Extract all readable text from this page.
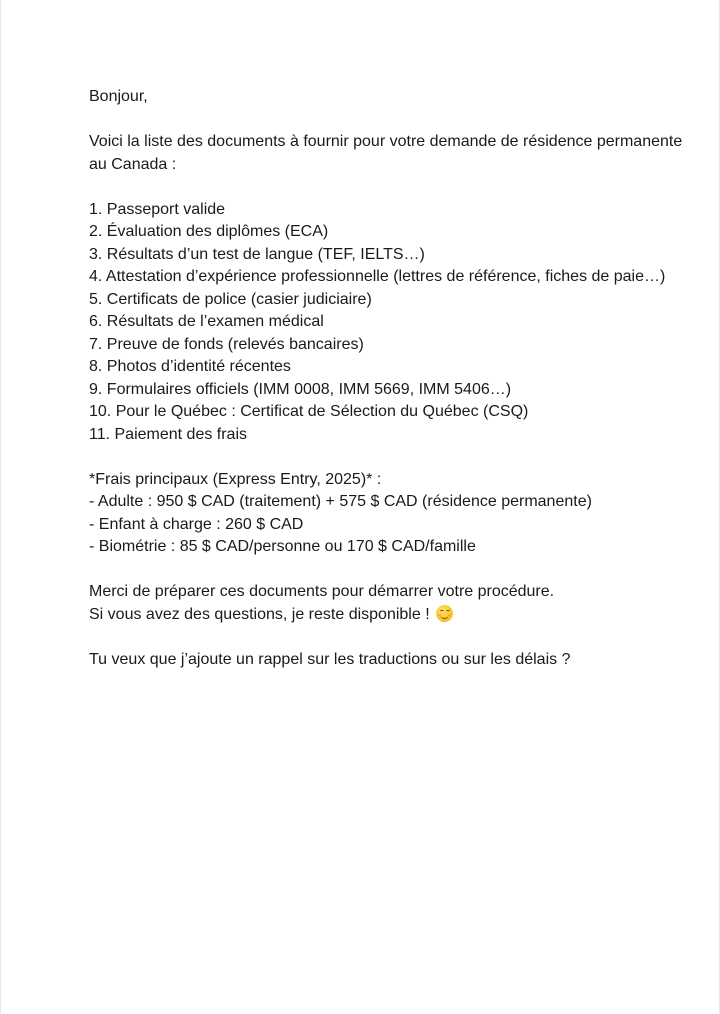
Bonjour,

Voici la liste des documents à fournir pour votre demande de résidence permanente au Canada :

1. Passeport valide
2. Évaluation des diplômes (ECA)
3. Résultats d’un test de langue (TEF, IELTS…)
4. Attestation d’expérience professionnelle (lettres de référence, fiches de paie…)
5. Certificats de police (casier judiciaire)
6. Résultats de l’examen médical
7. Preuve de fonds (relevés bancaires)
8. Photos d’identité récentes
9. Formulaires officiels (IMM 0008, IMM 5669, IMM 5406…)
10. Pour le Québec : Certificat de Sélection du Québec (CSQ)
11. Paiement des frais
*Frais principaux (Express Entry, 2025)* :
- Adulte : 950 $ CAD (traitement) + 575 $ CAD (résidence permanente)
- Enfant à charge : 260 $ CAD
- Biométrie : 85 $ CAD/personne ou 170 $ CAD/famille
Merci de préparer ces documents pour démarrer votre procédure.
Si vous avez des questions, je reste disponible !

Tu veux que j’ajoute un rappel sur les traductions ou sur les délais ?
